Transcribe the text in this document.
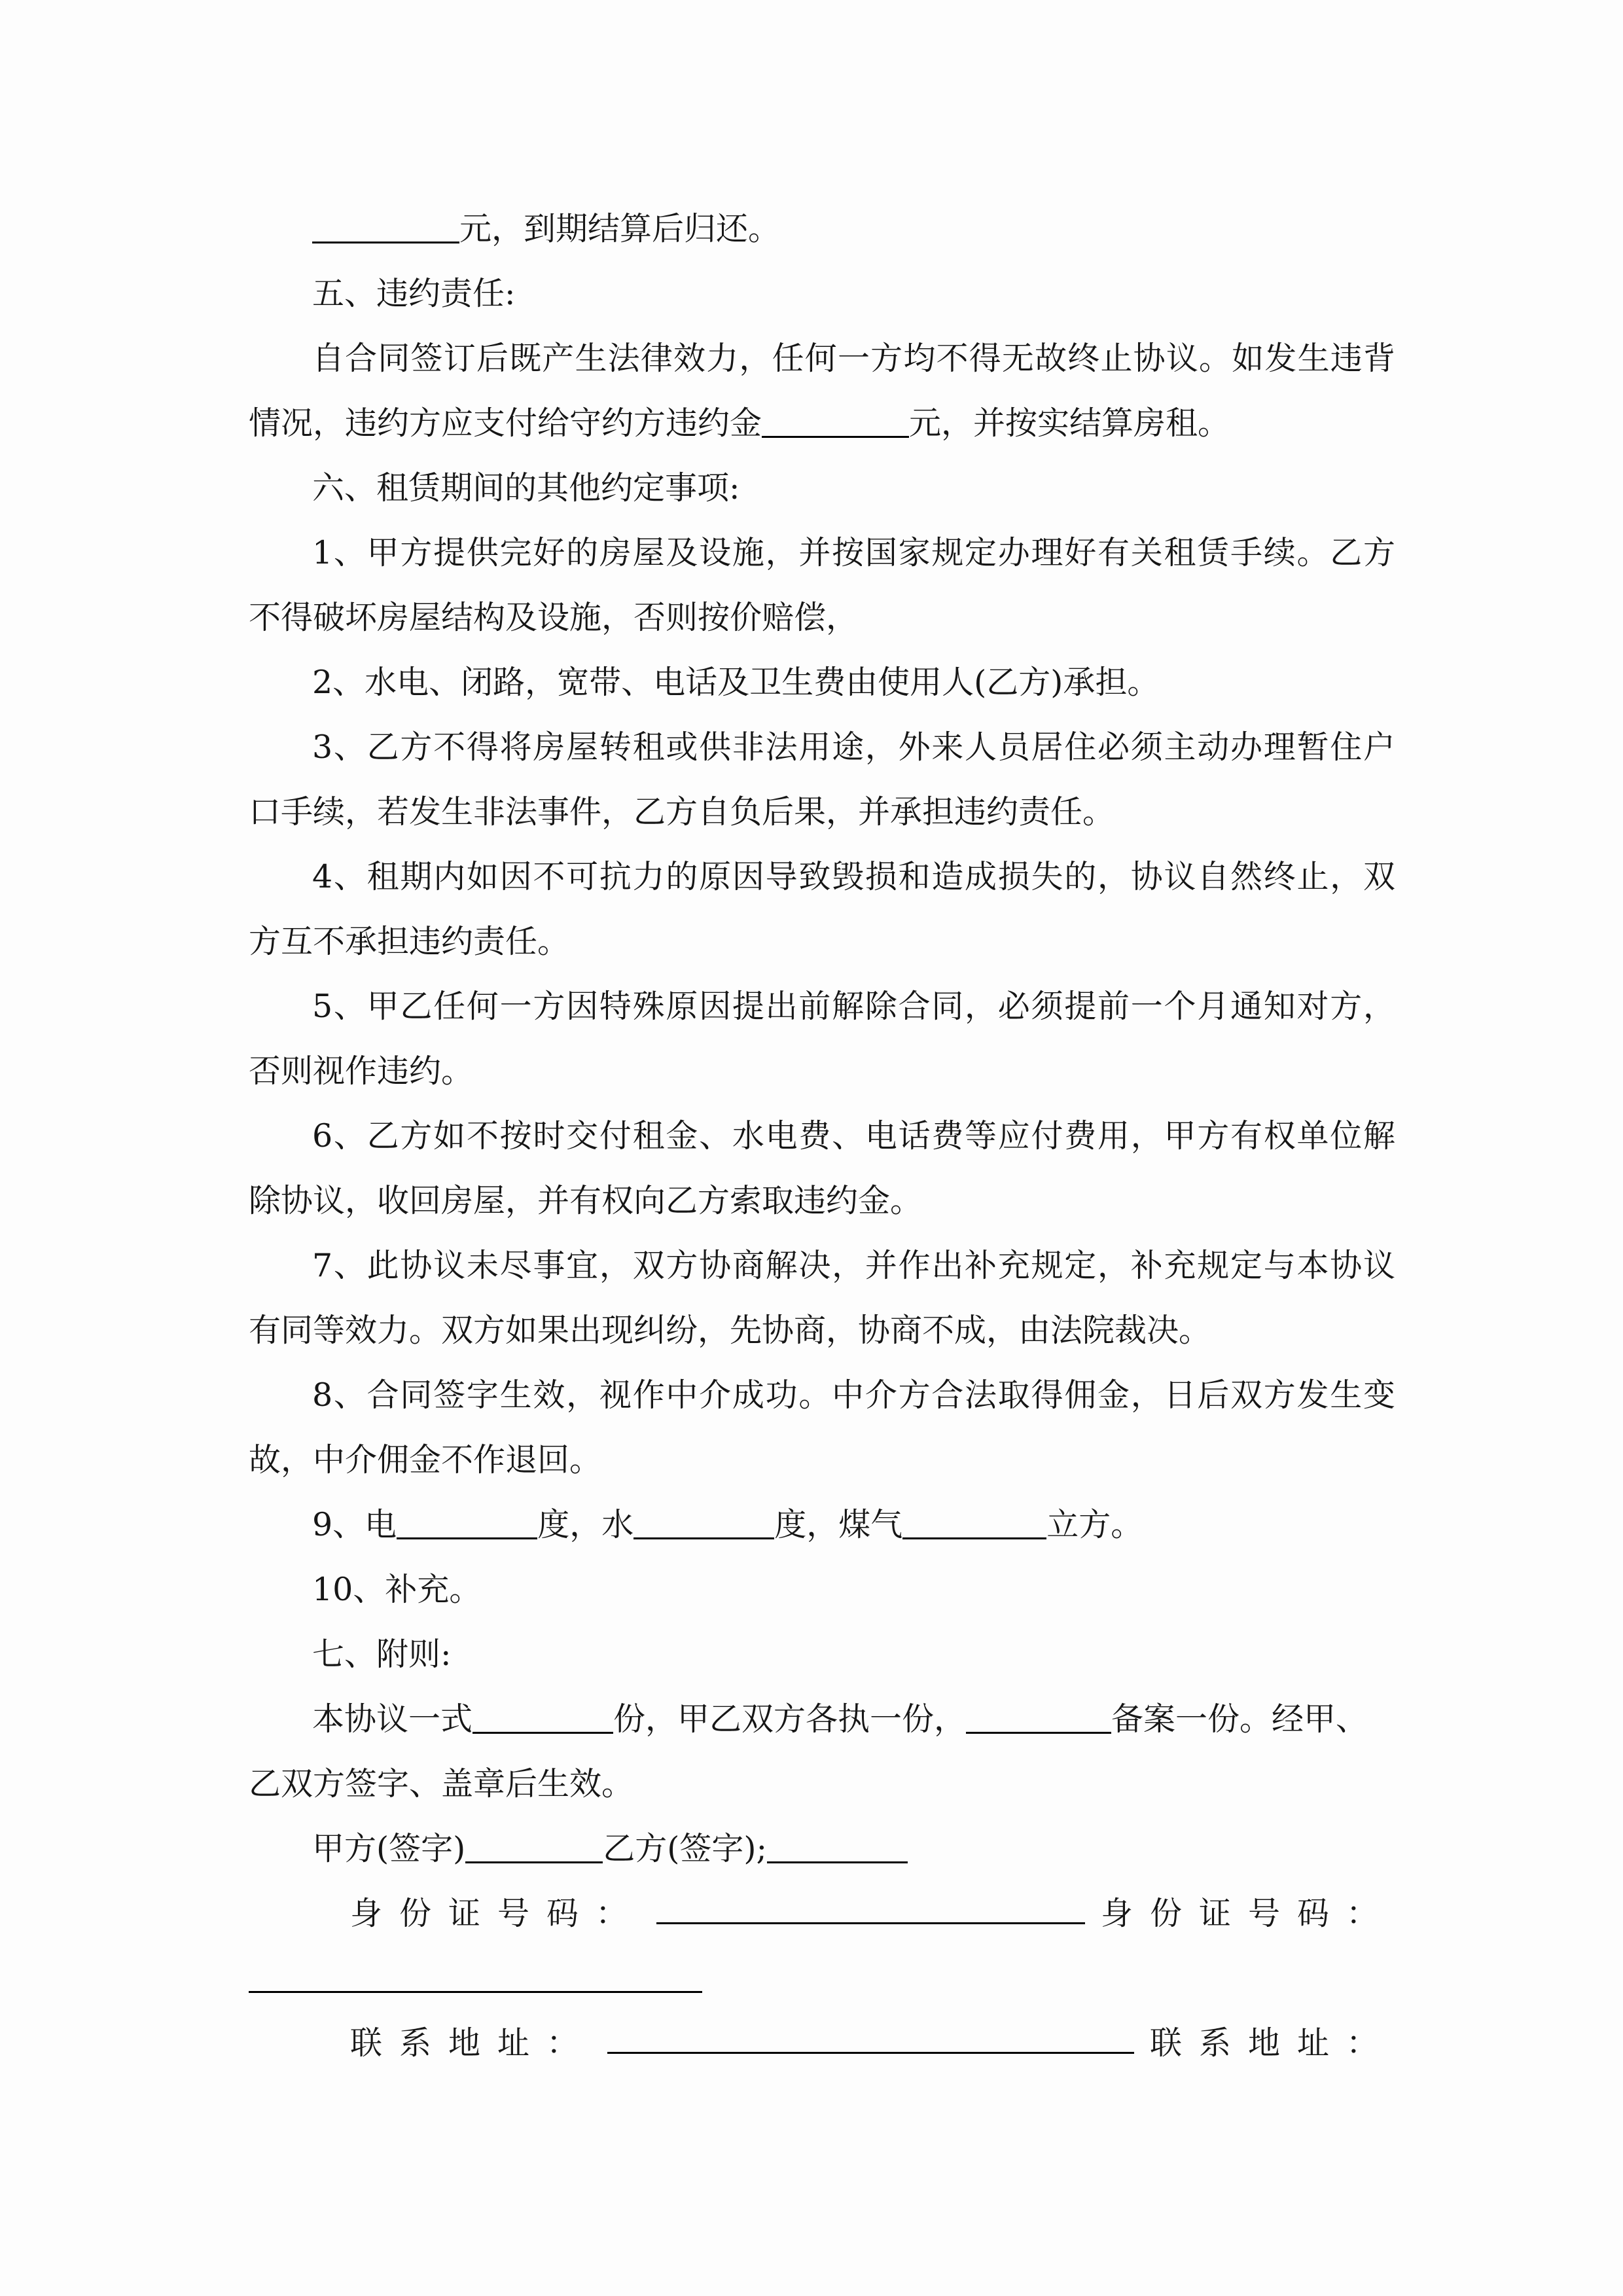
元，到期结算后归还。
五、违约责任:
自合同签订后既产生法律效力，任何一方均不得无故终止协议。如发生违背
情况，违约方应支付给守约方违约金	元，并按实结算房租。
六、租赁期间的其他约定事项:
1、甲方提供完好的房屋及设施，并按国家规定办理好有关租赁手续。乙方
不得破坏房屋结构及设施，否则按价赔偿，
2、水电、闭路，宽带、电话及卫生费由使用人(乙方)承担。
3、乙方不得将房屋转租或供非法用途，外来人员居住必须主动办理暂住户
口手续，若发生非法事件，乙方自负后果，并承担违约责任。
4、租期内如因不可抗力的原因导致毁损和造成损失的，协议自然终止，双
方互不承担违约责任。
5、甲乙任何一方因特殊原因提出前解除合同，必须提前一个月通知对方，
否则视作违约。
6、乙方如不按时交付租金、水电费、电话费等应付费用，甲方有权单位解
除协议，收回房屋，并有权向乙方索取违约金。
7、此协议未尽事宜，双方协商解决，并作出补充规定，补充规定与本协议
有同等效力。双方如果出现纠纷，先协商，协商不成，由法院裁决。
8、合同签字生效，视作中介成功。中介方合法取得佣金，日后双方发生变
故，中介佣金不作退回。
9、电	度，水	度，煤气	立方。
10、补充。
七、附则:
本协议一式	份，甲乙双方各执一份，	备案一份。经甲、
乙双方签字、盖章后生效。
甲方(签字)	乙方(签字);
身份证号码：	身份证号码：
联系地址：	联系地址：
